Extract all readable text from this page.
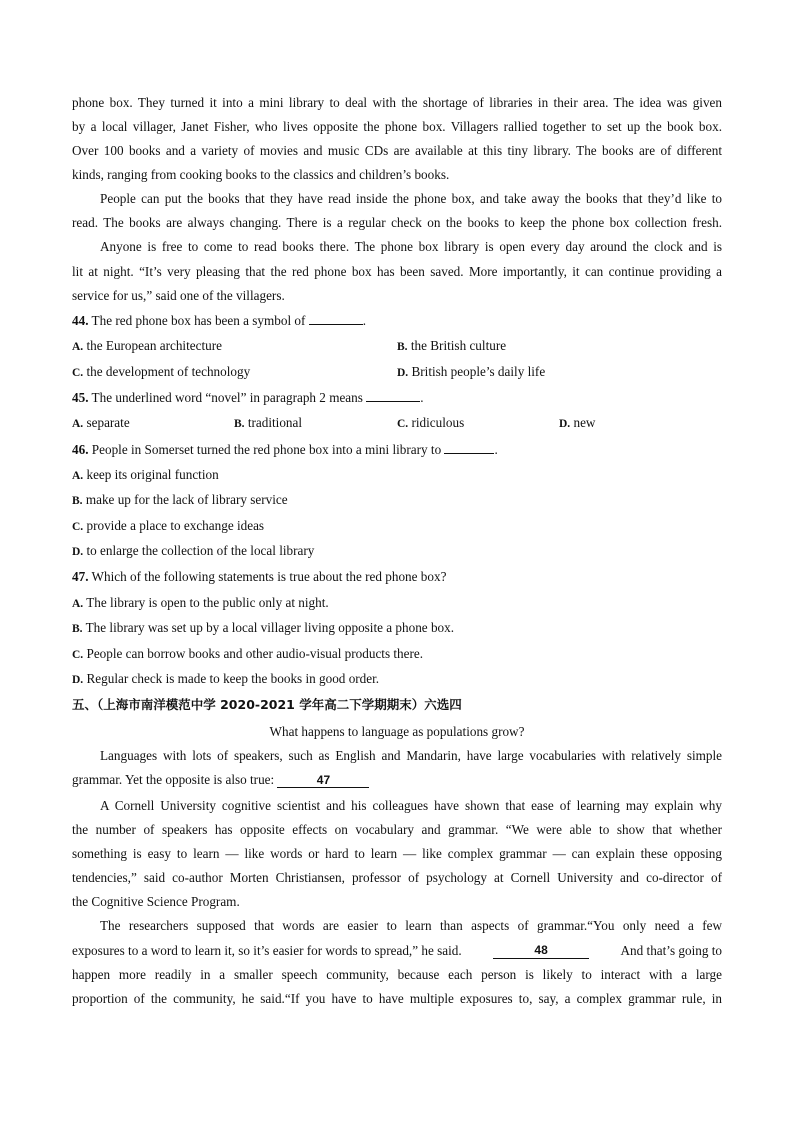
phone box. They turned it into a mini library to deal with the shortage of libraries in their area. The idea was given
by a local villager, Janet Fisher, who lives opposite the phone box. Villagers rallied together to set up the book box.
Over 100 books and a variety of movies and music CDs are available at this tiny library. The books are of different
kinds, ranging from cooking books to the classics and children’s books.
People can put the books that they have read inside the phone box, and take away the books that they’d like to
read. The books are always changing. There is a regular check on the books to keep the phone box collection fresh.
Anyone is free to come to read books there. The phone box library is open every day around the clock and is
lit at night. “It’s very pleasing that the red phone box has been saved. More importantly, it can continue providing a
service for us,” said one of the villagers.
44. The red phone box has been a symbol of	.
A. the European architecture	B. the British culture
C. the development of technology	D. British people’s daily life
45. The underlined word “novel” in paragraph 2 means	.
A. separate	B. traditional	C. ridiculous	D. new
46. People in Somerset turned the red phone box into a mini library to	.
A. keep its original function
B. make up for the lack of library service
C. provide a place to exchange ideas
D. to enlarge the collection of the local library
47. Which of the following statements is true about the red phone box?
A. The library is open to the public only at night.
B. The library was set up by a local villager living opposite a phone box.
C. People can borrow books and other audio-visual products there.
D. Regular check is made to keep the books in good order.
五、（上海市南洋模范中学 2020-2021 学年高二下学期期末）六选四
What happens to language as populations grow?
Languages with lots of speakers, such as English and Mandarin, have large vocabularies with relatively simple
grammar. Yet the opposite is also true:	47
A Cornell University cognitive scientist and his colleagues have shown that ease of learning may explain why
the number of speakers has opposite effects on vocabulary and grammar. “We were able to show that whether
something is easy to learn — like words or hard to learn — like complex grammar — can explain these opposing
tendencies,” said co-author Morten Christiansen, professor of psychology at Cornell University and co-director of
the Cognitive Science Program.
The researchers supposed that words are easier to learn than aspects of grammar.“You only need a few
exposures to a word to learn it, so it’s easier for words to spread,” he said.	48	And that’s going to
happen more readily in a smaller speech community, because each person is likely to interact with a large
proportion of the community, he said.“If you have to have multiple exposures to, say, a complex grammar rule, in
